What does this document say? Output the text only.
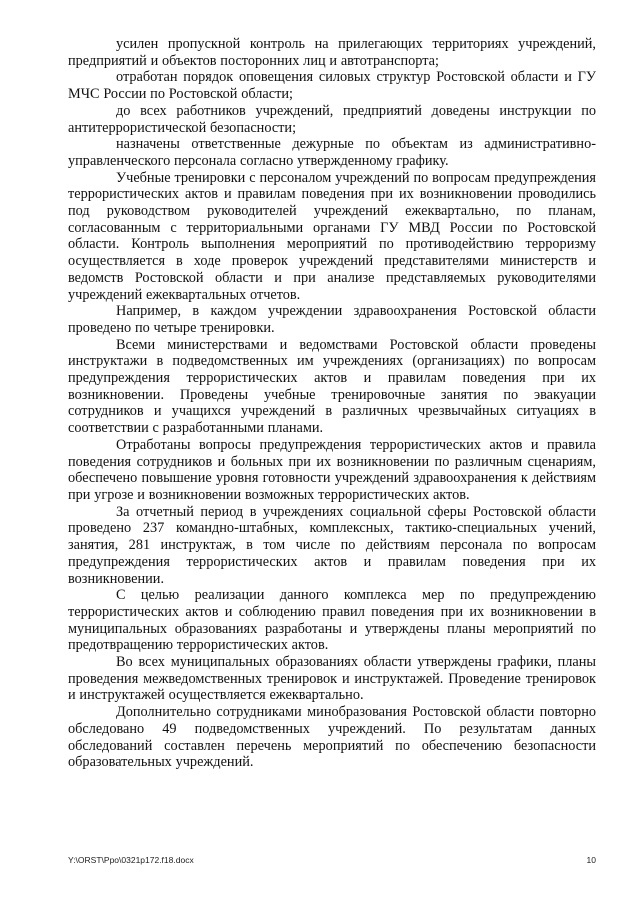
усилен пропускной контроль на прилегающих территориях учреждений, предприятий и объектов посторонних лиц и автотранспорта;

отработан порядок оповещения силовых структур Ростовской области и ГУ МЧС России по Ростовской области;

до всех работников учреждений, предприятий доведены инструкции по антитеррористической безопасности;

назначены ответственные дежурные по объектам из административно-управленческого персонала согласно утвержденному графику.

Учебные тренировки с персоналом учреждений по вопросам предупреждения террористических актов и правилам поведения при их возникновении проводились под руководством руководителей учреждений ежеквартально, по планам, согласованным с территориальными органами ГУ МВД России по Ростовской области. Контроль выполнения мероприятий по противодействию терроризму осуществляется в ходе проверок учреждений представителями министерств и ведомств Ростовской области и при анализе представляемых руководителями учреждений ежеквартальных отчетов.

Например, в каждом учреждении здравоохранения Ростовской области проведено по четыре тренировки.

Всеми министерствами и ведомствами Ростовской области проведены инструктажи в подведомственных им учреждениях (организациях) по вопросам предупреждения террористических актов и правилам поведения при их возникновении. Проведены учебные тренировочные занятия по эвакуации сотрудников и учащихся учреждений в различных чрезвычайных ситуациях в соответствии с разработанными планами.

Отработаны вопросы предупреждения террористических актов и правила поведения сотрудников и больных при их возникновении по различным сценариям, обеспечено повышение уровня готовности учреждений здравоохранения к действиям при угрозе и возникновении возможных террористических актов.

За отчетный период в учреждениях социальной сферы Ростовской области проведено 237 командно-штабных, комплексных, тактико-специальных учений, занятия, 281 инструктаж, в том числе по действиям персонала по вопросам предупреждения террористических актов и правилам поведения при их возникновении.

С целью реализации данного комплекса мер по предупреждению террористических актов и соблюдению правил поведения при их возникновении в муниципальных образованиях разработаны и утверждены планы мероприятий по предотвращению террористических актов.

Во всех муниципальных образованиях области утверждены графики, планы проведения межведомственных тренировок и инструктажей. Проведение тренировок и инструктажей осуществляется ежеквартально.

Дополнительно сотрудниками минобразования Ростовской области повторно обследовано 49 подведомственных учреждений. По результатам данных обследований составлен перечень мероприятий по обеспечению безопасности образовательных учреждений.

Y:\ORST\Ppo\0321p172.f18.docx	10
